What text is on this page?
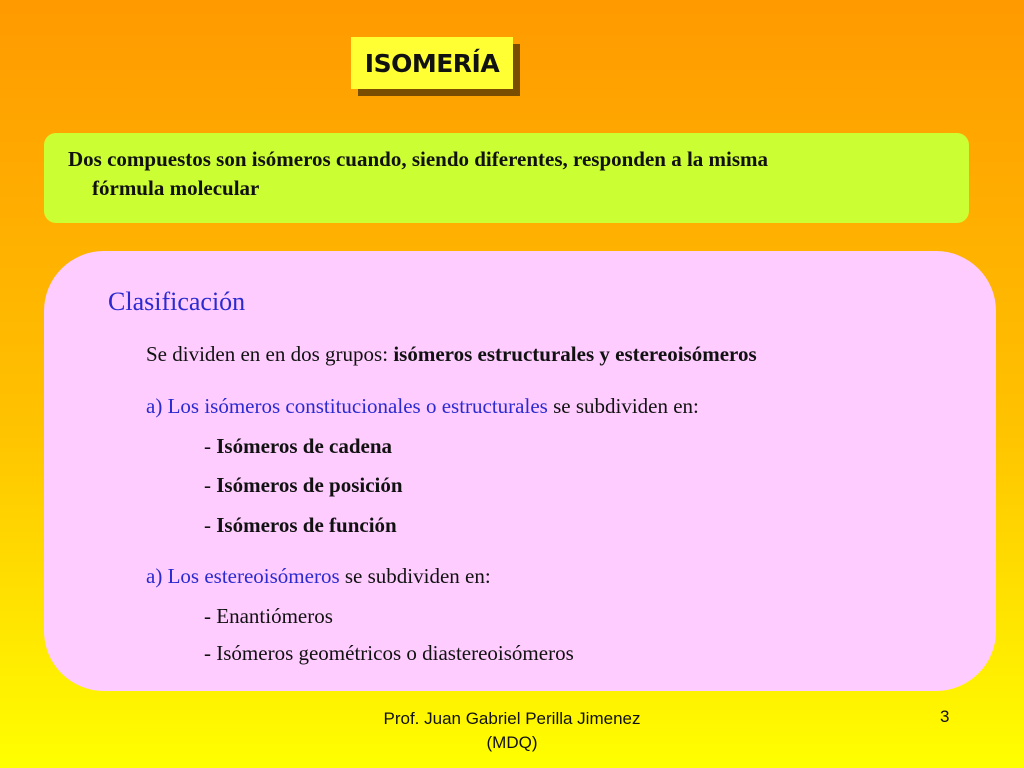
ISOMERÍA
Dos compuestos son isómeros cuando, siendo diferentes, responden a la misma
fórmula molecular
Clasificación
Se dividen en en dos grupos: isómeros estructurales y estereoisómeros
a) Los isómeros constitucionales o estructurales se subdividen en:
- Isómeros de cadena
- Isómeros de posición
- Isómeros de función
a) Los estereoisómeros se subdividen en:
- Enantiómeros
- Isómeros geométricos o diastereoisómeros
Prof. Juan Gabriel Perilla Jimenez
(MDQ)
3
